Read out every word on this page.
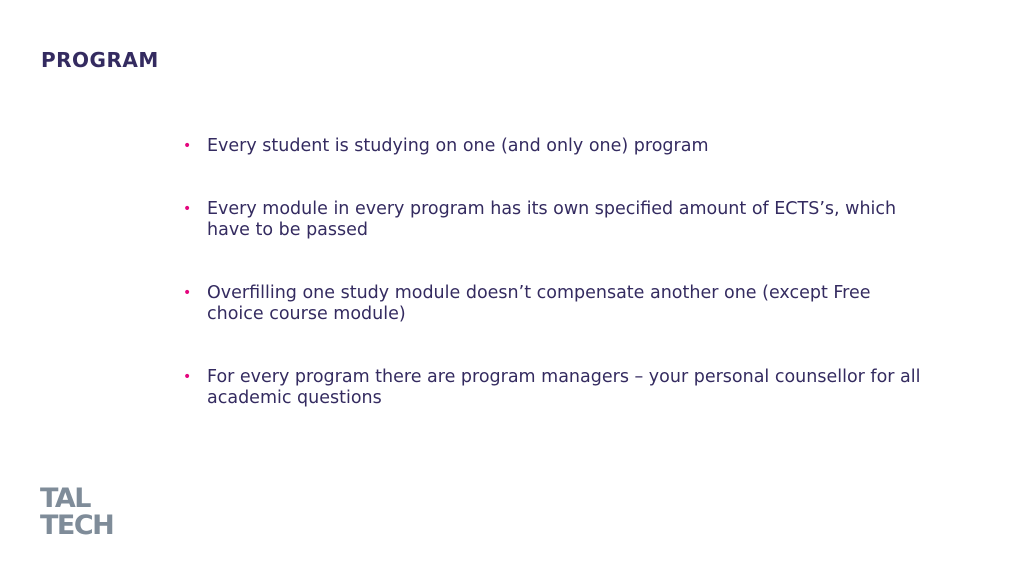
PROGRAM
• Every student is studying on one (and only one) program
• Every module in every program has its own specified amount of ECTS’s, which have to be passed
• Overfilling one study module doesn’t compensate another one (except Free choice course module)
• For every program there are program managers – your personal counsellor for all academic questions
TAL
TECH
